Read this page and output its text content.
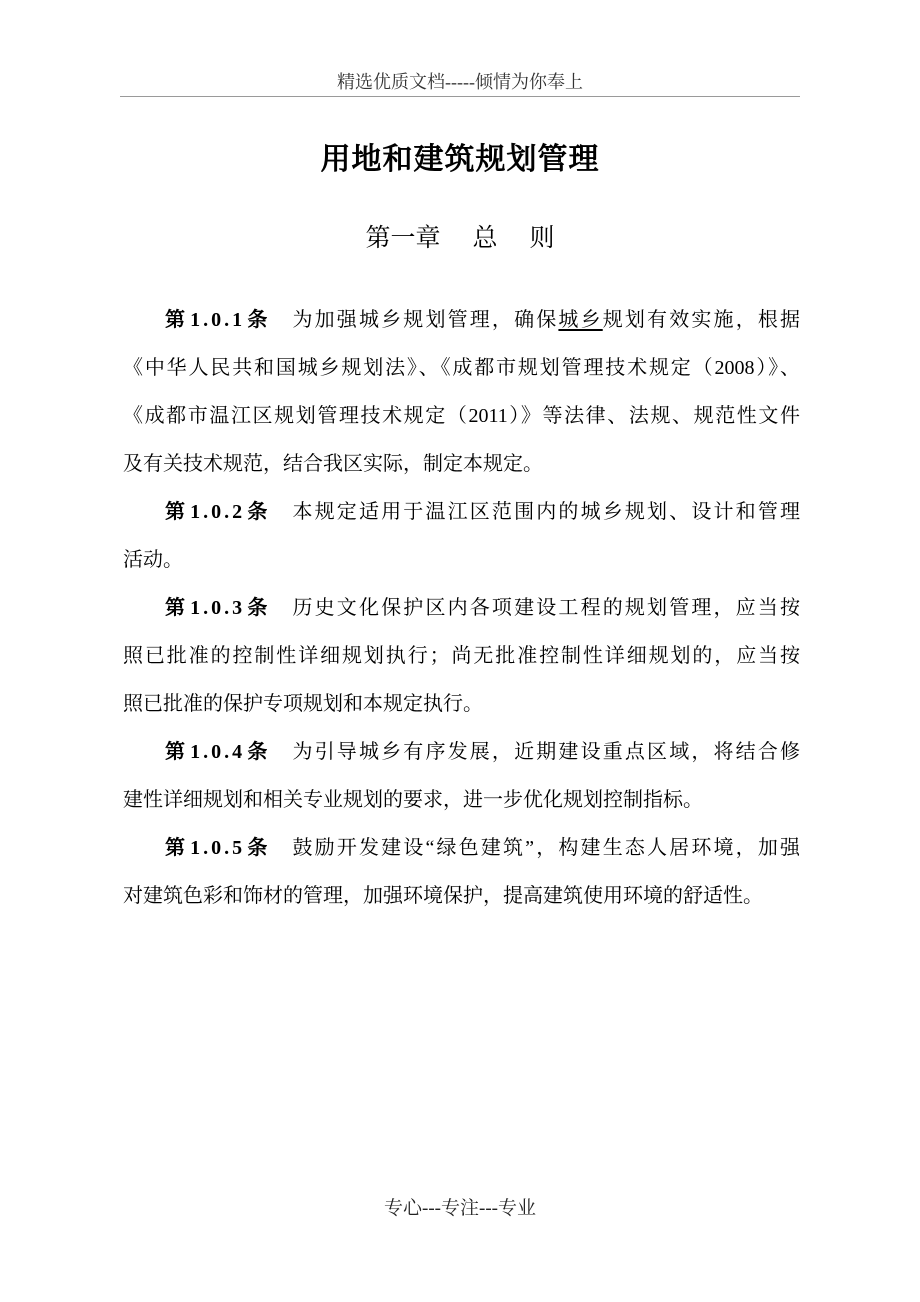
精选优质文档-----倾情为你奉上
用地和建筑规划管理
第一章 总 则
第1.0.1条 为加强城乡规划管理，确保城乡规划有效实施，根据
《中华人民共和国城乡规划法》、《成都市规划管理技术规定（2008）》、
《成都市温江区规划管理技术规定（2011）》等法律、法规、规范性文件
及有关技术规范，结合我区实际，制定本规定。
第1.0.2条 本规定适用于温江区范围内的城乡规划、设计和管理
活动。
第1.0.3条 历史文化保护区内各项建设工程的规划管理，应当按
照已批准的控制性详细规划执行；尚无批准控制性详细规划的，应当按
照已批准的保护专项规划和本规定执行。
第1.0.4条 为引导城乡有序发展，近期建设重点区域，将结合修
建性详细规划和相关专业规划的要求，进一步优化规划控制指标。
第1.0.5条 鼓励开发建设“绿色建筑”，构建生态人居环境，加强
对建筑色彩和饰材的管理，加强环境保护，提高建筑使用环境的舒适性。
专心---专注---专业
